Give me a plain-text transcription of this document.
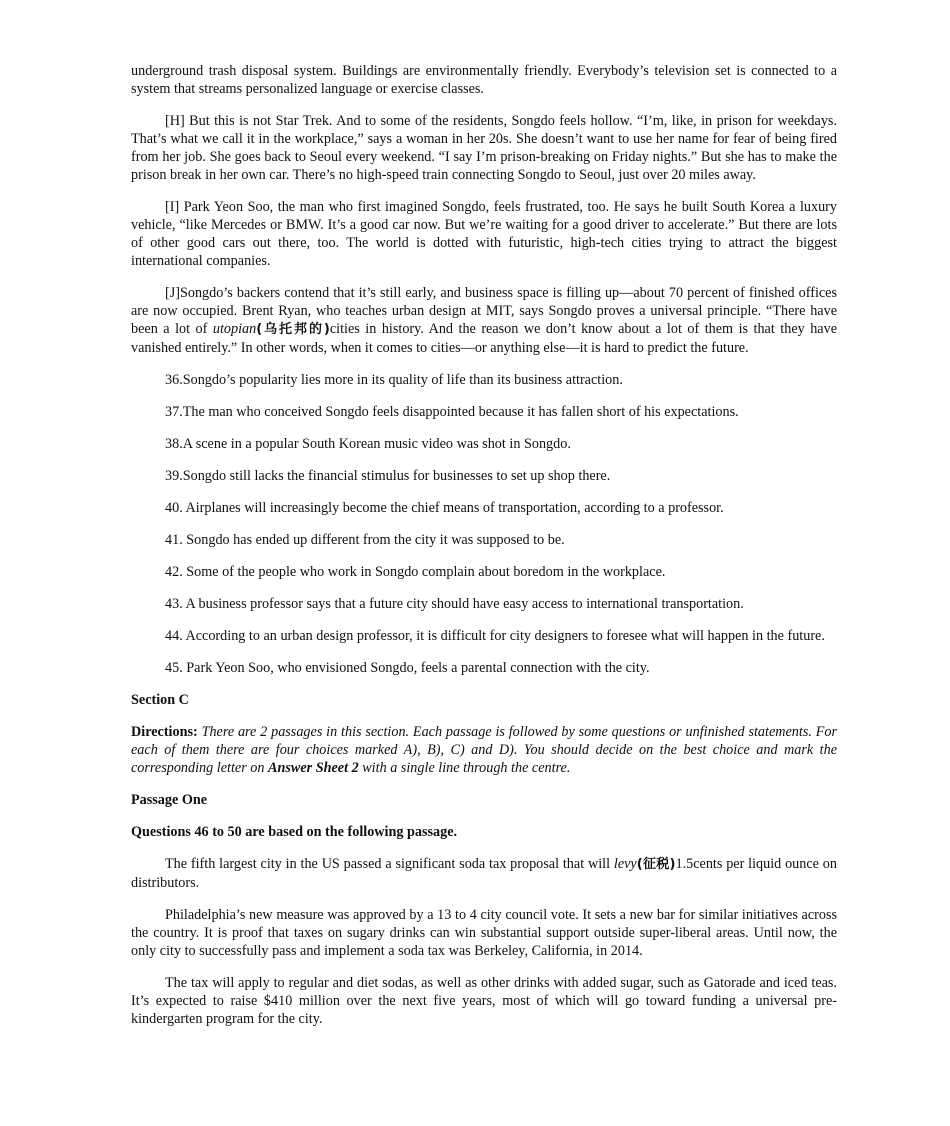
underground trash disposal system. Buildings are environmentally friendly. Everybody’s television set is connected to a system that streams personalized language or exercise classes.

[H] But this is not Star Trek. And to some of the residents, Songdo feels hollow. “I’m, like, in prison for weekdays. That’s what we call it in the workplace,” says a woman in her 20s. She doesn’t want to use her name for fear of being fired from her job. She goes back to Seoul every weekend. “I say I’m prison-breaking on Friday nights.” But she has to make the prison break in her own car. There’s no high-speed train connecting Songdo to Seoul, just over 20 miles away.

[I] Park Yeon Soo, the man who first imagined Songdo, feels frustrated, too. He says he built South Korea a luxury vehicle, “like Mercedes or BMW. It’s a good car now. But we’re waiting for a good driver to accelerate.” But there are lots of other good cars out there, too. The world is dotted with futuristic, high-tech cities trying to attract the biggest international companies.

[J]Songdo’s backers contend that it’s still early, and business space is filling up—about 70 percent of finished offices are now occupied. Brent Ryan, who teaches urban design at MIT, says Songdo proves a universal principle. “There have been a lot of utopian(乌托邦的)cities in history. And the reason we don’t know about a lot of them is that they have vanished entirely.” In other words, when it comes to cities—or anything else—it is hard to predict the future.

36.Songdo’s popularity lies more in its quality of life than its business attraction.

37.The man who conceived Songdo feels disappointed because it has fallen short of his expectations.

38.A scene in a popular South Korean music video was shot in Songdo.

39.Songdo still lacks the financial stimulus for businesses to set up shop there.

40. Airplanes will increasingly become the chief means of transportation, according to a professor.

41. Songdo has ended up different from the city it was supposed to be.

42. Some of the people who work in Songdo complain about boredom in the workplace.

43. A business professor says that a future city should have easy access to international transportation.

44. According to an urban design professor, it is difficult for city designers to foresee what will happen in the future.

45. Park Yeon Soo, who envisioned Songdo, feels a parental connection with the city.

Section C

Directions: There are 2 passages in this section. Each passage is followed by some questions or unfinished statements. For each of them there are four choices marked A), B), C) and D). You should decide on the best choice and mark the corresponding letter on Answer Sheet 2 with a single line through the centre.

Passage One

Questions 46 to 50 are based on the following passage.

The fifth largest city in the US passed a significant soda tax proposal that will levy(征税)1.5cents per liquid ounce on distributors.

Philadelphia’s new measure was approved by a 13 to 4 city council vote. It sets a new bar for similar initiatives across the country. It is proof that taxes on sugary drinks can win substantial support outside super-liberal areas. Until now, the only city to successfully pass and implement a soda tax was Berkeley, California, in 2014.

The tax will apply to regular and diet sodas, as well as other drinks with added sugar, such as Gatorade and iced teas. It’s expected to raise $410 million over the next five years, most of which will go toward funding a universal pre-kindergarten program for the city.
